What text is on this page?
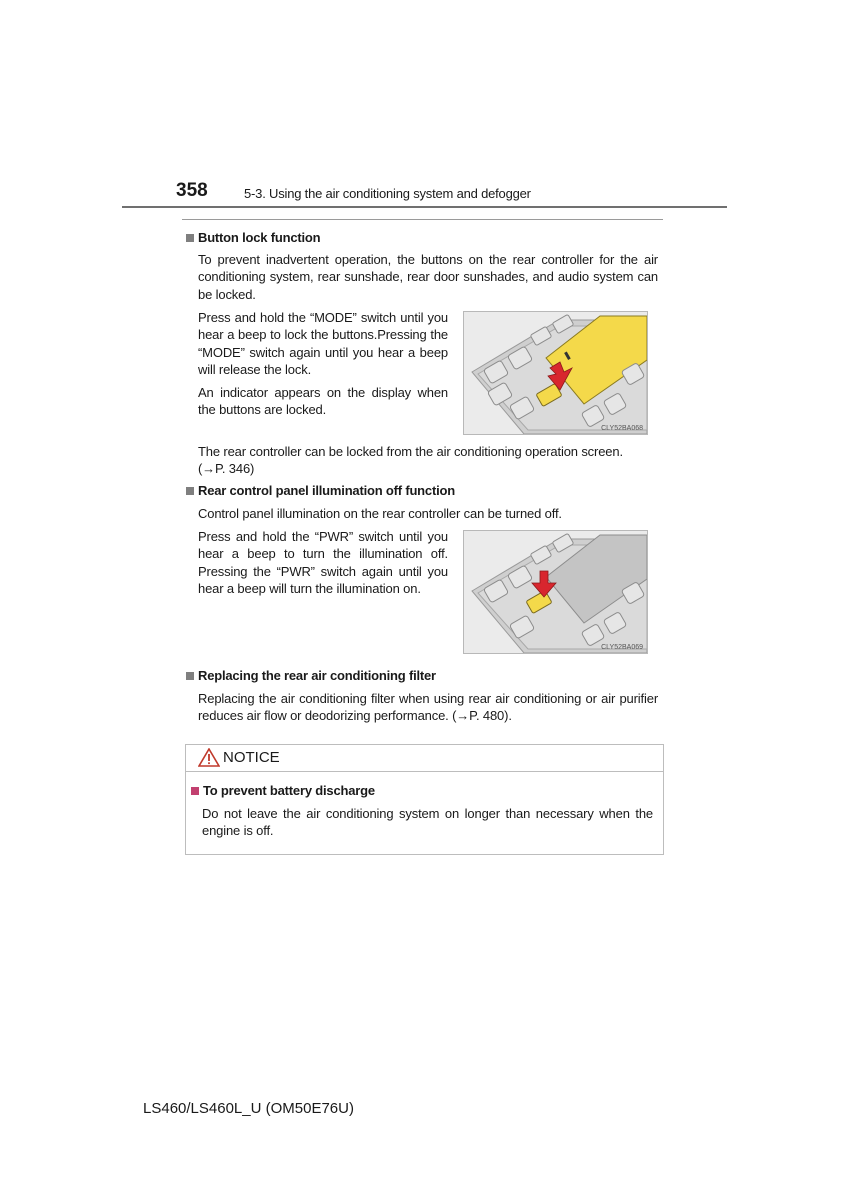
358	5-3. Using the air conditioning system and defogger
Button lock function
To prevent inadvertent operation, the buttons on the rear controller for the air conditioning system, rear sunshade, rear door sunshades, and audio system can be locked.
Press and hold the “MODE” switch until you hear a beep to lock the buttons.Pressing the “MODE” switch again until you hear a beep will release the lock.
An indicator appears on the display when the buttons are locked.
CLY52BA068
The rear controller can be locked from the air conditioning operation screen.
(→P. 346)
Rear control panel illumination off function
Control panel illumination on the rear controller can be turned off.
Press and hold the “PWR” switch until you hear a beep to turn the illumination off. Pressing the “PWR” switch again until you hear a beep will turn the illumination on.
CLY52BA069
Replacing the rear air conditioning filter
Replacing the air conditioning filter when using rear air conditioning or air purifier reduces air flow or deodorizing performance. (→P. 480).
NOTICE
To prevent battery discharge
Do not leave the air conditioning system on longer than necessary when the engine is off.
LS460/LS460L_U (OM50E76U)
